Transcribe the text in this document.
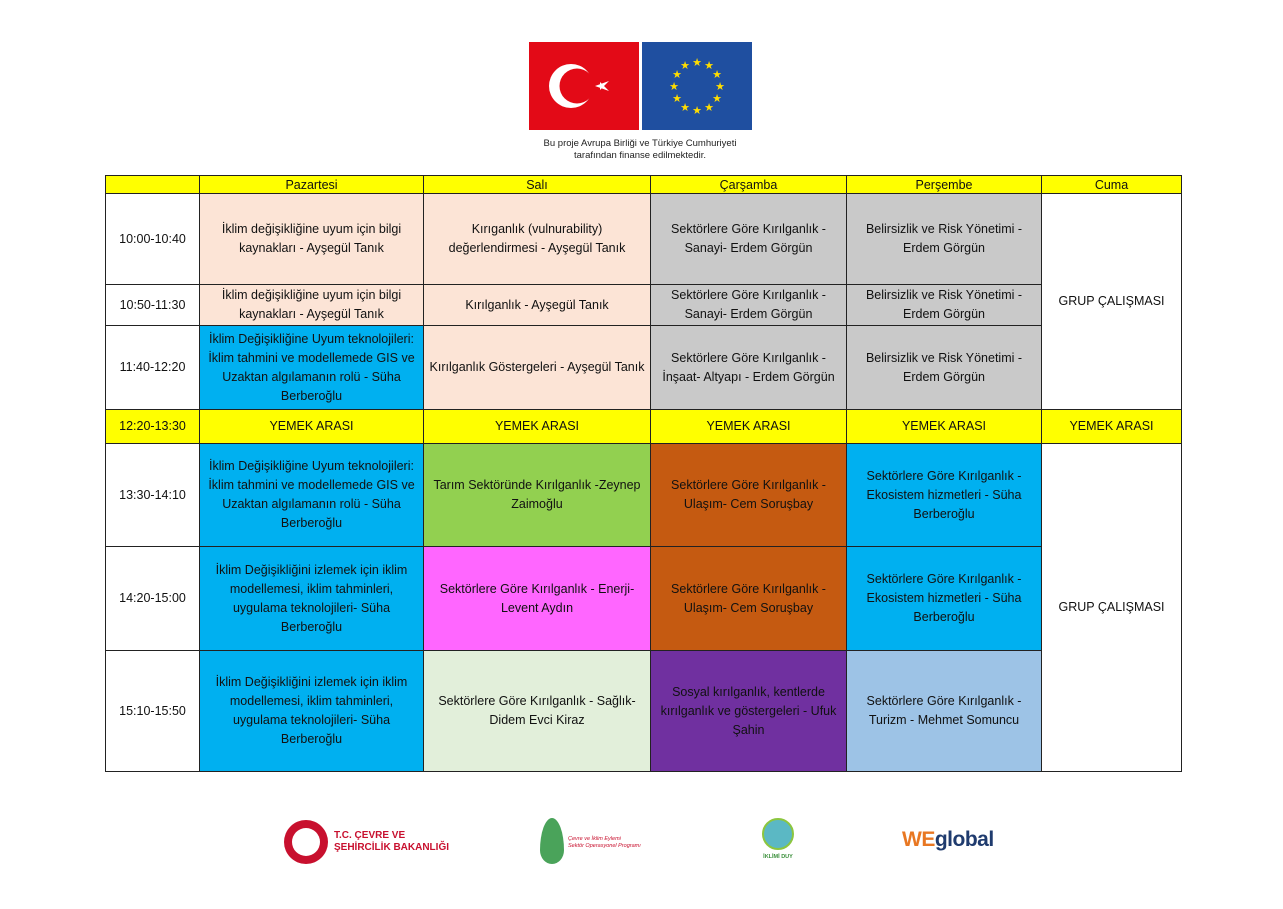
★ ★
★
★
★
★
★
★
★
★
★
★
Bu proje Avrupa Birliği ve Türkiye Cumhuriyeti
tarafından finanse edilmektedir.
	Pazartesi	Salı	Çarşamba	Perşembe	Cuma
10:00-10:40	İklim değişikliğine uyum için bilgi kaynakları - Ayşegül Tanık	Kırıganlık (vulnurability) değerlendirmesi - Ayşegül Tanık	Sektörlere Göre Kırılganlık - Sanayi- Erdem Görgün	Belirsizlik ve Risk Yönetimi - Erdem Görgün	GRUP ÇALIŞMASI
10:50-11:30	İklim değişikliğine uyum için bilgi kaynakları - Ayşegül Tanık	Kırılganlık - Ayşegül Tanık	Sektörlere Göre Kırılganlık - Sanayi- Erdem Görgün	Belirsizlik ve Risk Yönetimi - Erdem Görgün	
11:40-12:20	İklim Değişikliğine Uyum teknolojileri: İklim tahmini ve modellemede GIS ve Uzaktan algılamanın rolü - Süha Berberoğlu	Kırılganlık Göstergeleri - Ayşegül Tanık	Sektörlere Göre Kırılganlık - İnşaat- Altyapı - Erdem Görgün	Belirsizlik ve Risk Yönetimi - Erdem Görgün	
12:20-13:30	YEMEK ARASI	YEMEK ARASI	YEMEK ARASI	YEMEK ARASI	YEMEK ARASI
13:30-14:10	İklim Değişikliğine Uyum teknolojileri: İklim tahmini ve modellemede GIS ve Uzaktan algılamanın rolü - Süha Berberoğlu	Tarım Sektöründe Kırılganlık -Zeynep Zaimoğlu	Sektörlere Göre Kırılganlık - Ulaşım- Cem Soruşbay	Sektörlere Göre Kırılganlık - Ekosistem hizmetleri - Süha Berberoğlu	GRUP ÇALIŞMASI
14:20-15:00	İklim Değişikliğini izlemek için iklim modellemesi, iklim tahminleri, uygulama teknolojileri- Süha Berberoğlu	Sektörlere Göre Kırılganlık - Enerji- Levent Aydın	Sektörlere Göre Kırılganlık - Ulaşım- Cem Soruşbay	Sektörlere Göre Kırılganlık - Ekosistem hizmetleri - Süha Berberoğlu	
15:10-15:50	İklim Değişikliğini izlemek için iklim modellemesi, iklim tahminleri, uygulama teknolojileri- Süha Berberoğlu	Sektörlere Göre Kırılganlık - Sağlık- Didem Evci Kiraz	Sosyal kırılganlık, kentlerde kırılganlık ve göstergeleri - Ufuk Şahin	Sektörlere Göre Kırılganlık - Turizm - Mehmet Somuncu	
T.C. ÇEVRE VE
ŞEHİRCİLİK BAKANLIĞI
Çevre ve İklim Eylemi
Sektör Operasyonel Programı
İKLİMİ DUY
WEglobal
